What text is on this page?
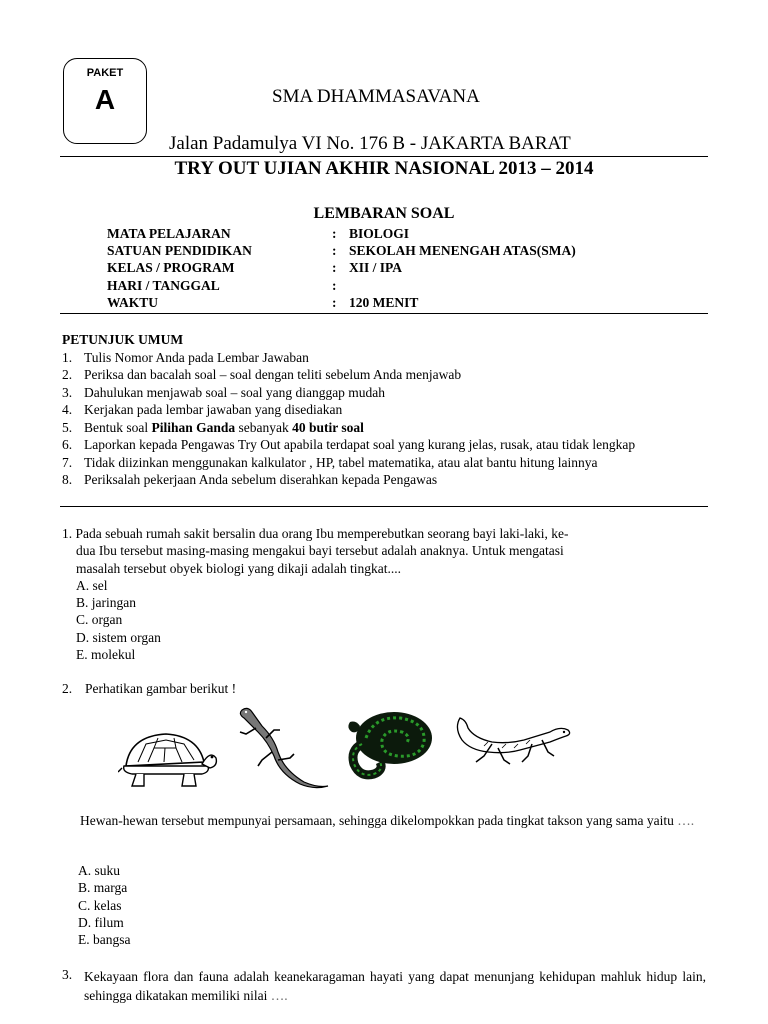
PAKET
A	SMA DHAMMASAVANA
Jalan Padamulya VI No. 176 B - JAKARTA BARAT
TRY OUT UJIAN AKHIR NASIONAL 2013 – 2014
LEMBARAN SOAL
MATA PELAJARAN	: BIOLOGI
SATUAN PENDIDIKAN	: SEKOLAH MENENGAH ATAS(SMA)
KELAS / PROGRAM	: XII / IPA
HARI / TANGGAL	:
WAKTU	: 120 MENIT
PETUNJUK UMUM
1. Tulis Nomor Anda pada Lembar Jawaban
2. Periksa dan bacalah soal – soal dengan teliti sebelum Anda menjawab
3. Dahulukan menjawab soal – soal yang dianggap mudah
4. Kerjakan pada lembar jawaban yang disediakan
5. Bentuk soal Pilihan Ganda sebanyak 40 butir soal
6. Laporkan kepada Pengawas Try Out apabila terdapat soal yang kurang jelas, rusak, atau tidak lengkap
7. Tidak diizinkan menggunakan kalkulator , HP, tabel matematika, atau alat bantu hitung lainnya
8. Periksalah pekerjaan Anda sebelum diserahkan kepada Pengawas
1. Pada sebuah rumah sakit bersalin dua orang Ibu memperebutkan seorang bayi laki-laki, ke-
dua Ibu tersebut masing-masing mengakui bayi tersebut adalah anaknya. Untuk mengatasi
masalah tersebut obyek biologi yang dikaji adalah tingkat....
A. sel
B. jaringan
C. organ
D. sistem organ
E. molekul
2. Perhatikan gambar berikut !
Hewan-hewan tersebut mempunyai persamaan, sehingga dikelompokkan pada tingkat takson yang sama yaitu ….
A. suku
B. marga
C. kelas
D. filum
E. bangsa
3. Kekayaan flora dan fauna adalah keanekaragaman hayati yang dapat menunjang kehidupan mahluk hidup lain, sehingga dikatakan memiliki nilai ….
